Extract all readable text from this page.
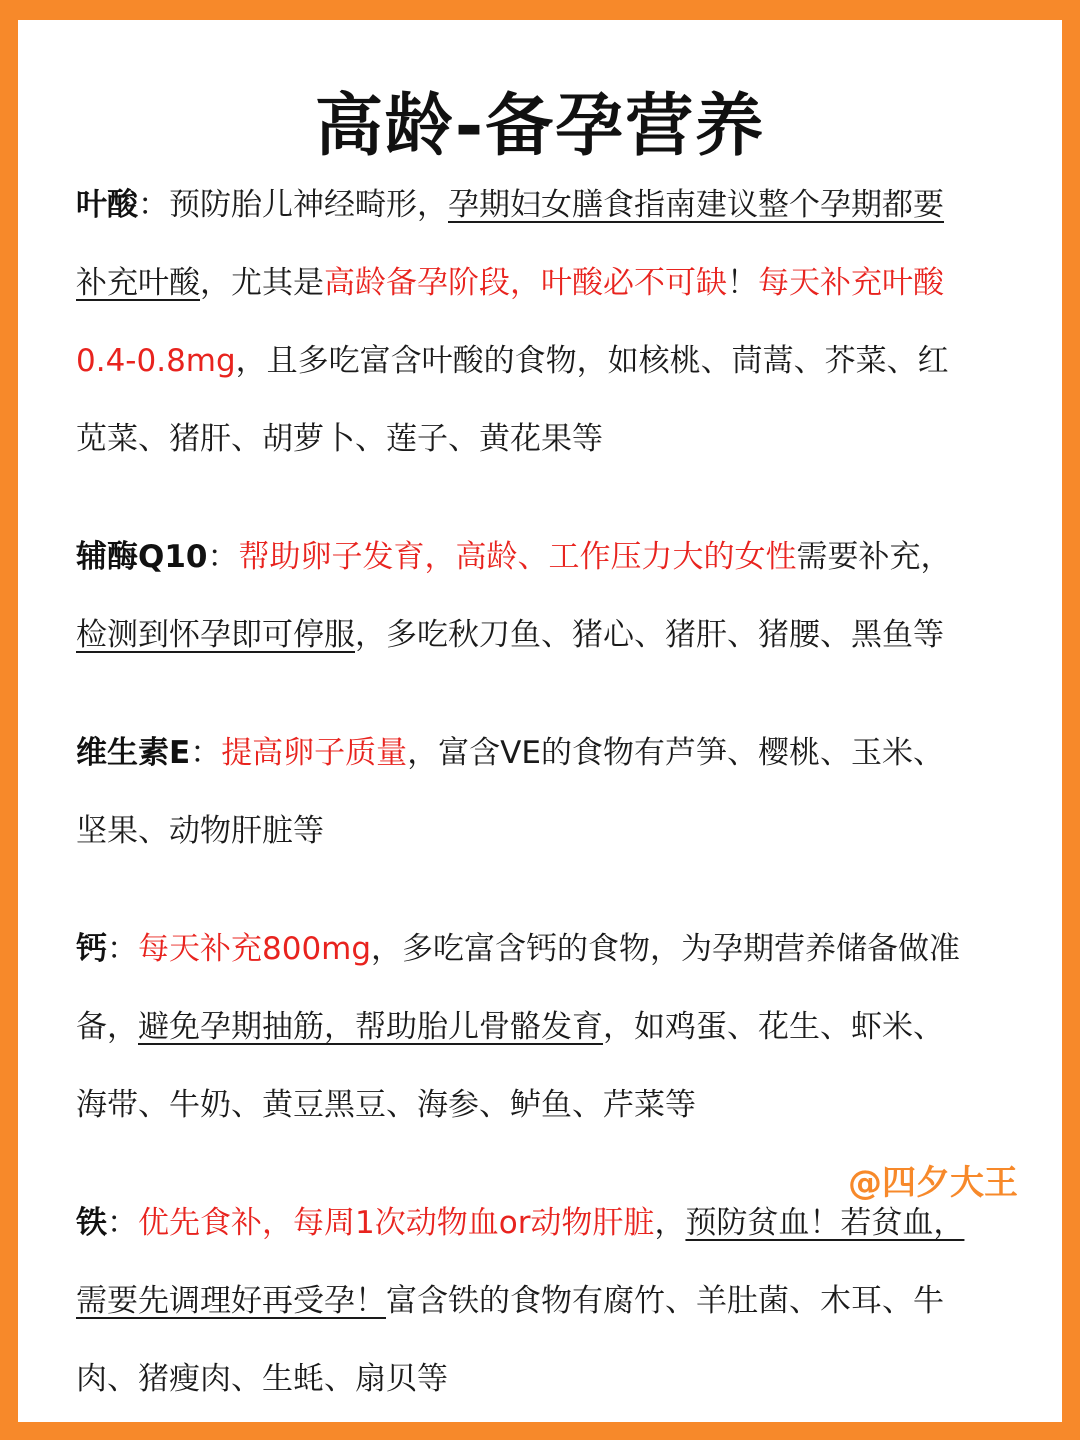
高龄-备孕营养
叶酸：预防胎儿神经畸形，孕期妇女膳食指南建议整个孕期都要
补充叶酸，尤其是高龄备孕阶段，叶酸必不可缺！每天补充叶酸
0.4-0.8mg，且多吃富含叶酸的食物，如核桃、茼蒿、芥菜、红
苋菜、猪肝、胡萝卜、莲子、黄花果等
辅酶Q10：帮助卵子发育，高龄、工作压力大的女性需要补充，
检测到怀孕即可停服，多吃秋刀鱼、猪心、猪肝、猪腰、黑鱼等
维生素E：提高卵子质量，富含VE的食物有芦笋、樱桃、玉米、
坚果、动物肝脏等
钙：每天补充800mg，多吃富含钙的食物，为孕期营养储备做准
备，避免孕期抽筋，帮助胎儿骨骼发育，如鸡蛋、花生、虾米、
海带、牛奶、黄豆黑豆、海参、鲈鱼、芹菜等
@四夕大王
铁：优先食补，每周1次动物血or动物肝脏，预防贫血！若贫血，
需要先调理好再受孕！富含铁的食物有腐竹、羊肚菌、木耳、牛
肉、猪瘦肉、生蚝、扇贝等
